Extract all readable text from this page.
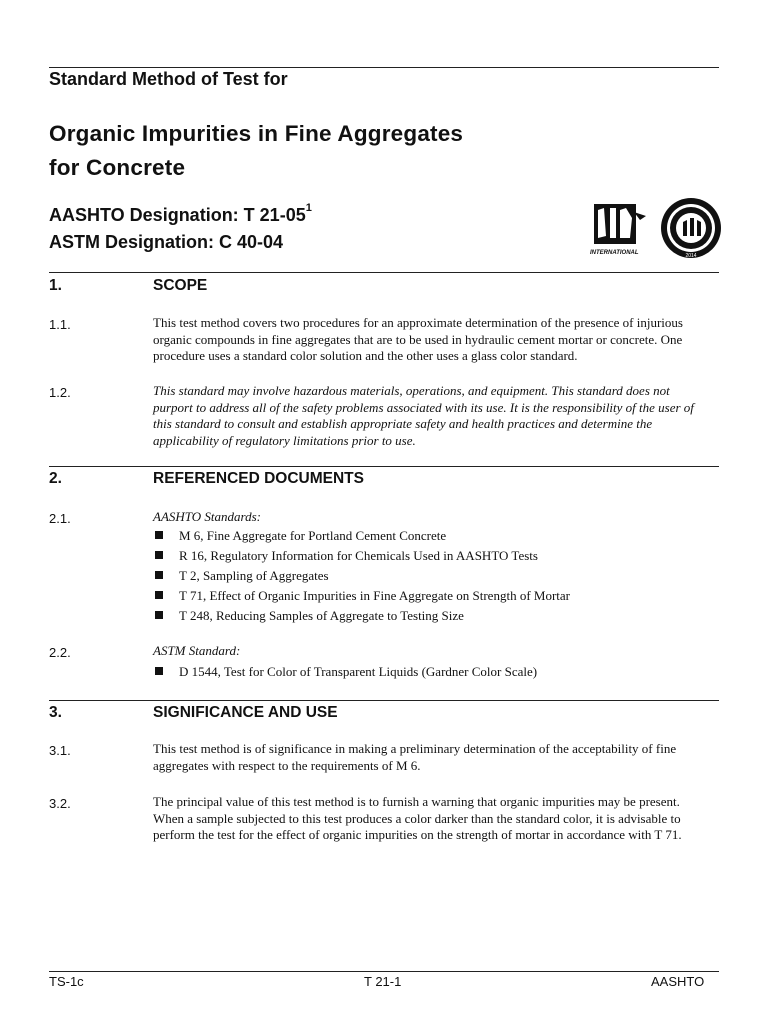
Standard Method of Test for
Organic Impurities in Fine Aggregates
for Concrete
AASHTO Designation: T $21-05^1$
ASTM Designation: C 40-04
INTERNATIONAL	2014
1.	SCOPE
1.1.	This test method covers two procedures for an approximate determination of the presence of injurious organic compounds in fine aggregates that are to be used in hydraulic cement mortar or concrete. One procedure uses a standard color solution and the other uses a glass color standard.
1.2.	This standard may involve hazardous materials, operations, and equipment. This standard does not purport to address all of the safety problems associated with its use. It is the responsibility of the user of this standard to consult and establish appropriate safety and health practices and determine the applicability of regulatory limitations prior to use.
2.	REFERENCED DOCUMENTS
2.1.	AASHTO Standards:
M 6, Fine Aggregate for Portland Cement Concrete
R 16, Regulatory Information for Chemicals Used in AASHTO Tests
T 2, Sampling of Aggregates
T 71, Effect of Organic Impurities in Fine Aggregate on Strength of Mortar
T 248, Reducing Samples of Aggregate to Testing Size
2.2.	ASTM Standard:
D 1544, Test for Color of Transparent Liquids (Gardner Color Scale)
3.	SIGNIFICANCE AND USE
3.1.	This test method is of significance in making a preliminary determination of the acceptability of fine aggregates with respect to the requirements of M 6.
3.2.	The principal value of this test method is to furnish a warning that organic impurities may be present. When a sample subjected to this test produces a color darker than the standard color, it is advisable to perform the test for the effect of organic impurities on the strength of mortar in accordance with T 71.
TS-1c	T 21-1	AASHTO
